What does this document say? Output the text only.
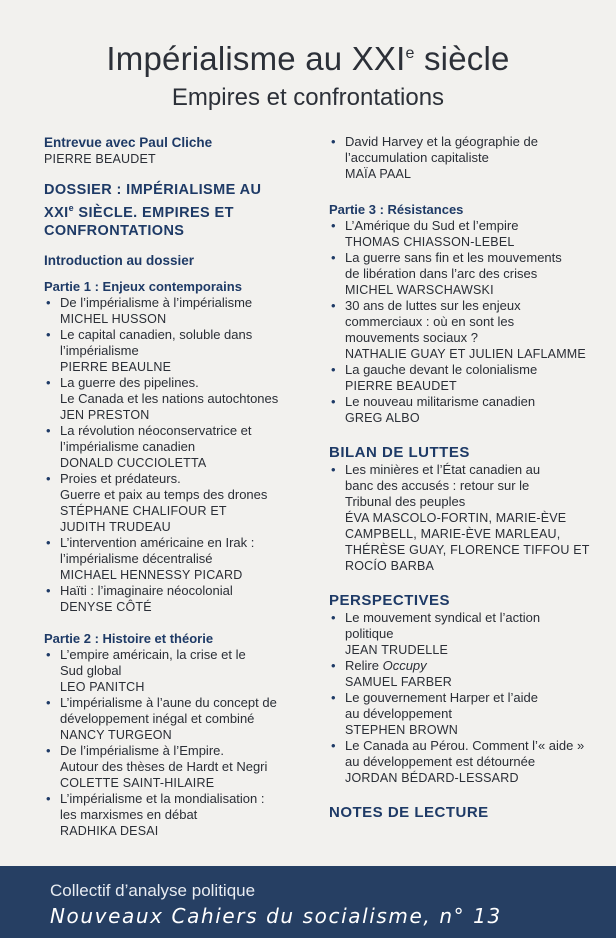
Impérialisme au XXIe siècle
Empires et confrontations
Entrevue avec Paul Cliche
PIERRE BEAUDET
DOSSIER : IMPÉRIALISME AU
XXIe SIÈCLE. EMPIRES ET
CONFRONTATIONS
Introduction au dossier
Partie 1 : Enjeux contemporains
• De l’impérialisme à l’impérialisme
MICHEL HUSSON
• Le capital canadien, soluble dans
l’impérialisme
PIERRE BEAULNE
• La guerre des pipelines.
Le Canada et les nations autochtones
JEN PRESTON
• La révolution néoconservatrice et
l’impérialisme canadien
DONALD CUCCIOLETTA
• Proies et prédateurs.
Guerre et paix au temps des drones
STÉPHANE CHALIFOUR ET
JUDITH TRUDEAU
• L’intervention américaine en Irak :
l’impérialisme décentralisé
MICHAEL HENNESSY PICARD
• Haïti : l’imaginaire néocolonial
DENYSE CÔTÉ
Partie 2 : Histoire et théorie
• L’empire américain, la crise et le
Sud global
LEO PANITCH
• L’impérialisme à l’aune du concept de
développement inégal et combiné
NANCY TURGEON
• De l’impérialisme à l’Empire.
Autour des thèses de Hardt et Negri
COLETTE SAINT-HILAIRE
• L’impérialisme et la mondialisation :
les marxismes en débat
RADHIKA DESAI
• David Harvey et la géographie de
l’accumulation capitaliste
MAÏA PAAL
Partie 3 : Résistances
• L’Amérique du Sud et l’empire
THOMAS CHIASSON-LEBEL
• La guerre sans fin et les mouvements
de libération dans l’arc des crises
MICHEL WARSCHAWSKI
• 30 ans de luttes sur les enjeux
commerciaux : où en sont les
mouvements sociaux ?
NATHALIE GUAY ET JULIEN LAFLAMME
• La gauche devant le colonialisme
PIERRE BEAUDET
• Le nouveau militarisme canadien
GREG ALBO
BILAN DE LUTTES
• Les minières et l’État canadien au
banc des accusés : retour sur le
Tribunal des peuples
ÉVA MASCOLO-FORTIN, MARIE-ÈVE
CAMPBELL, MARIE-ÈVE MARLEAU,
THÉRÈSE GUAY, FLORENCE TIFFOU ET
ROCÍO BARBA
PERSPECTIVES
• Le mouvement syndical et l’action
politique
JEAN TRUDELLE
• Relire Occupy
SAMUEL FARBER
• Le gouvernement Harper et l’aide
au développement
STEPHEN BROWN
• Le Canada au Pérou. Comment l’« aide »
au développement est détournée
JORDAN BÉDARD-LESSARD
NOTES DE LECTURE
Collectif d’analyse politique
Nouveaux Cahiers du socialisme, n° 13
